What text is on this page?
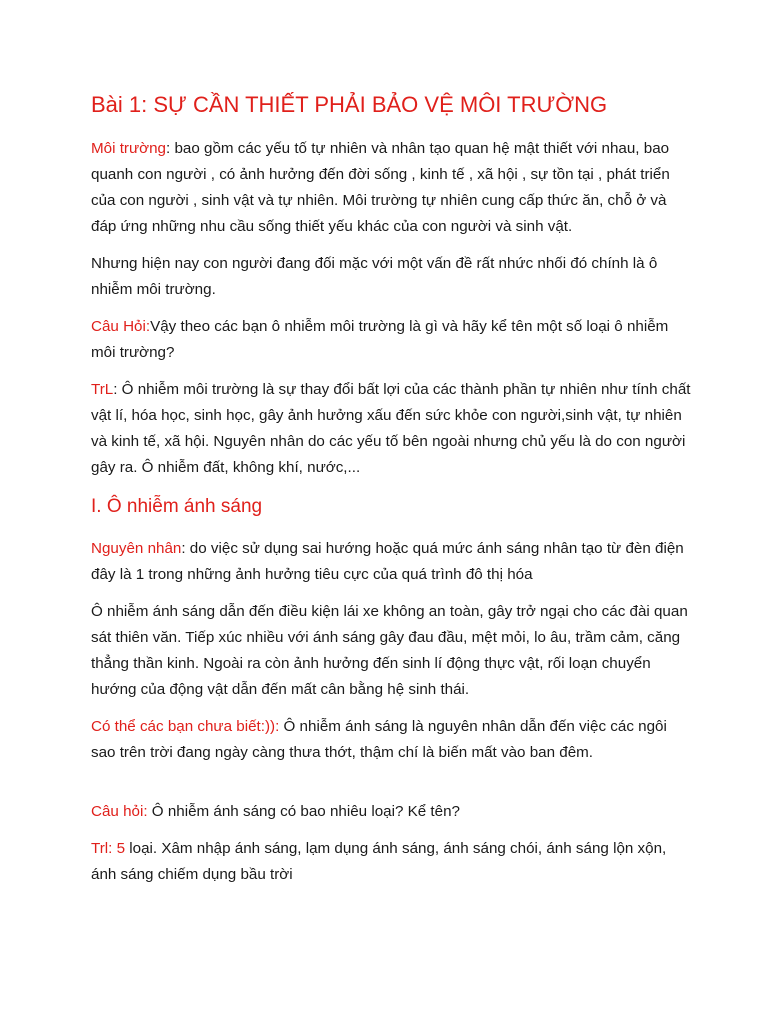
Bài 1: SỰ CẦN THIẾT PHẢI BẢO VỆ MÔI TRƯỜNG

Môi trường: bao gồm các yếu tố tự nhiên và nhân tạo quan hệ mật thiết với nhau, bao quanh con người , có ảnh hưởng đến đời sống , kinh tế , xã hội , sự tồn tại , phát triển của con người , sinh vật và tự nhiên. Môi trường tự nhiên cung cấp thức ăn, chỗ ở và đáp ứng những nhu cầu sống thiết yếu khác của con người và sinh vật.

Nhưng hiện nay con người đang đối mặc với một vấn đề rất nhức nhối đó chính là ô nhiễm môi trường.

Câu Hỏi:Vậy theo các bạn ô nhiễm môi trường là gì và hãy kể tên một số loại ô nhiễm môi trường?

TrL: Ô nhiễm môi trường là sự thay đổi bất lợi của các thành phần tự nhiên như tính chất vật lí, hóa học, sinh học, gây ảnh hưởng xấu đến sức khỏe con người,sinh vật, tự nhiên và kinh tế, xã hội. Nguyên nhân do các yếu tố bên ngoài nhưng chủ yếu là do con người gây ra. Ô nhiễm đất, không khí, nước,...

I. Ô nhiễm ánh sáng

Nguyên nhân: do việc sử dụng sai hướng hoặc quá mức ánh sáng nhân tạo từ đèn điện đây là 1 trong những ảnh hưởng tiêu cực của quá trình đô thị hóa

Ô nhiễm ánh sáng dẫn đến điều kiện lái xe không an toàn, gây trở ngại cho các đài quan sát thiên văn. Tiếp xúc nhiều với ánh sáng gây đau đầu, mệt mỏi, lo âu, trầm cảm, căng thẳng thần kinh. Ngoài ra còn ảnh hưởng đến sinh lí động thực vật, rối loạn chuyển hướng của động vật dẫn đến mất cân bằng hệ sinh thái.

Có thể các bạn chưa biết:)): Ô nhiễm ánh sáng là nguyên nhân dẫn đến việc các ngôi sao trên trời đang ngày càng thưa thớt, thậm chí là biến mất vào ban đêm.

Câu hỏi: Ô nhiễm ánh sáng có bao nhiêu loại? Kể tên?

Trl: 5 loại. Xâm nhập ánh sáng, lạm dụng ánh sáng, ánh sáng chói, ánh sáng lộn xộn, ánh sáng chiếm dụng bầu trời
